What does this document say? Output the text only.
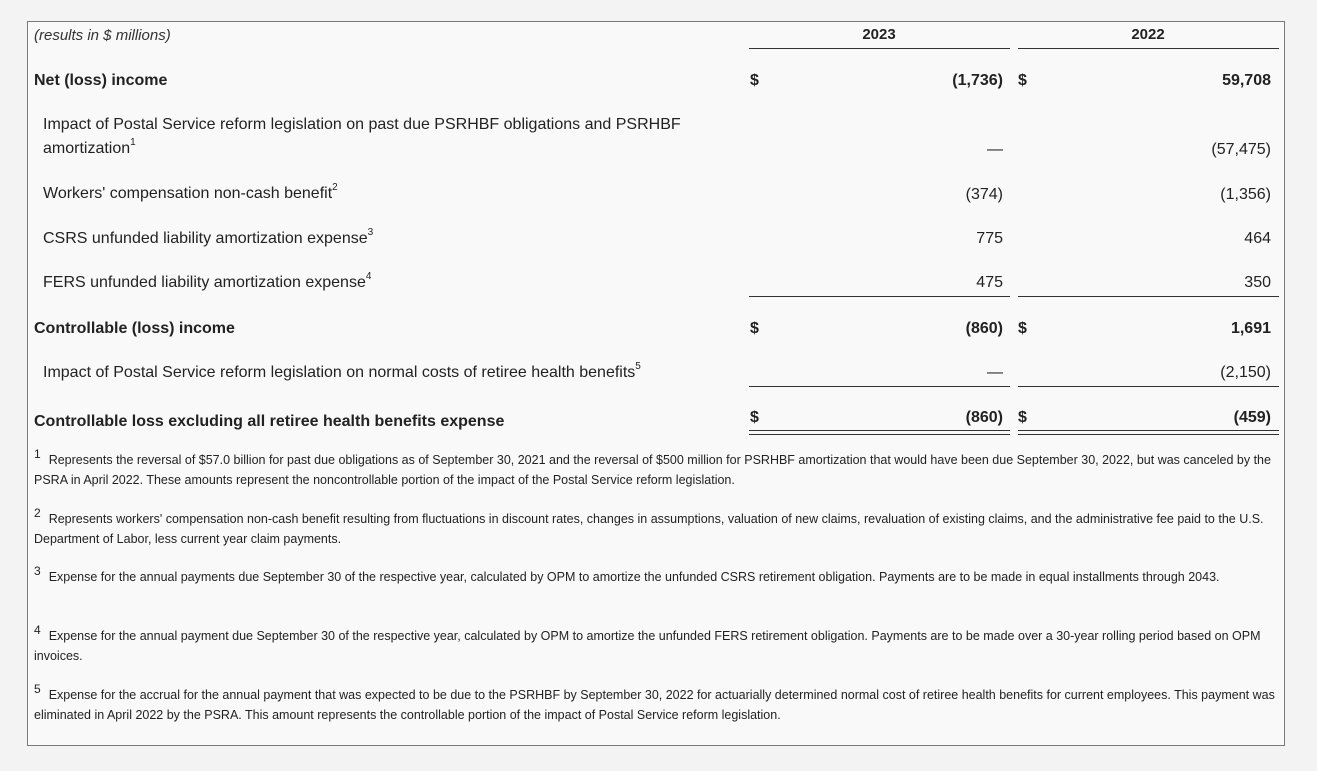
(results in $ millions)	2023	2022
Net (loss) income	$	(1,736) $	59,708
Impact of Postal Service reform legislation on past due PSRHBF obligations and PSRHBF
amortization$^1$	—	(57,475)
Workers' compensation non-cash benefit$^2$	(374)	(1,356)
CSRS unfunded liability amortization expense$^3$	775	464
FERS unfunded liability amortization expense$^4$	475	350
Controllable (loss) income	$	(860) $	1,691
Impact of Postal Service reform legislation on normal costs of retiree health benefits$^5$	—	(2,150)
Controllable loss excluding all retiree health benefits expense	$	(860) $	(459)
1 Represents the reversal of $57.0 billion for past due obligations as of September 30, 2021 and the reversal of $500 million for PSRHBF amortization that would have been due September 30, 2022, but was canceled by the PSRA in April 2022. These amounts represent the noncontrollable portion of the impact of the Postal Service reform legislation.
2 Represents workers' compensation non-cash benefit resulting from fluctuations in discount rates, changes in assumptions, valuation of new claims, revaluation of existing claims, and the administrative fee paid to the U.S. Department of Labor, less current year claim payments.
3 Expense for the annual payments due September 30 of the respective year, calculated by OPM to amortize the unfunded CSRS retirement obligation. Payments are to be made in equal installments through 2043.
4 Expense for the annual payment due September 30 of the respective year, calculated by OPM to amortize the unfunded FERS retirement obligation. Payments are to be made over a 30-year rolling period based on OPM invoices.
5 Expense for the accrual for the annual payment that was expected to be due to the PSRHBF by September 30, 2022 for actuarially determined normal cost of retiree health benefits for current employees. This payment was eliminated in April 2022 by the PSRA. This amount represents the controllable portion of the impact of Postal Service reform legislation.
